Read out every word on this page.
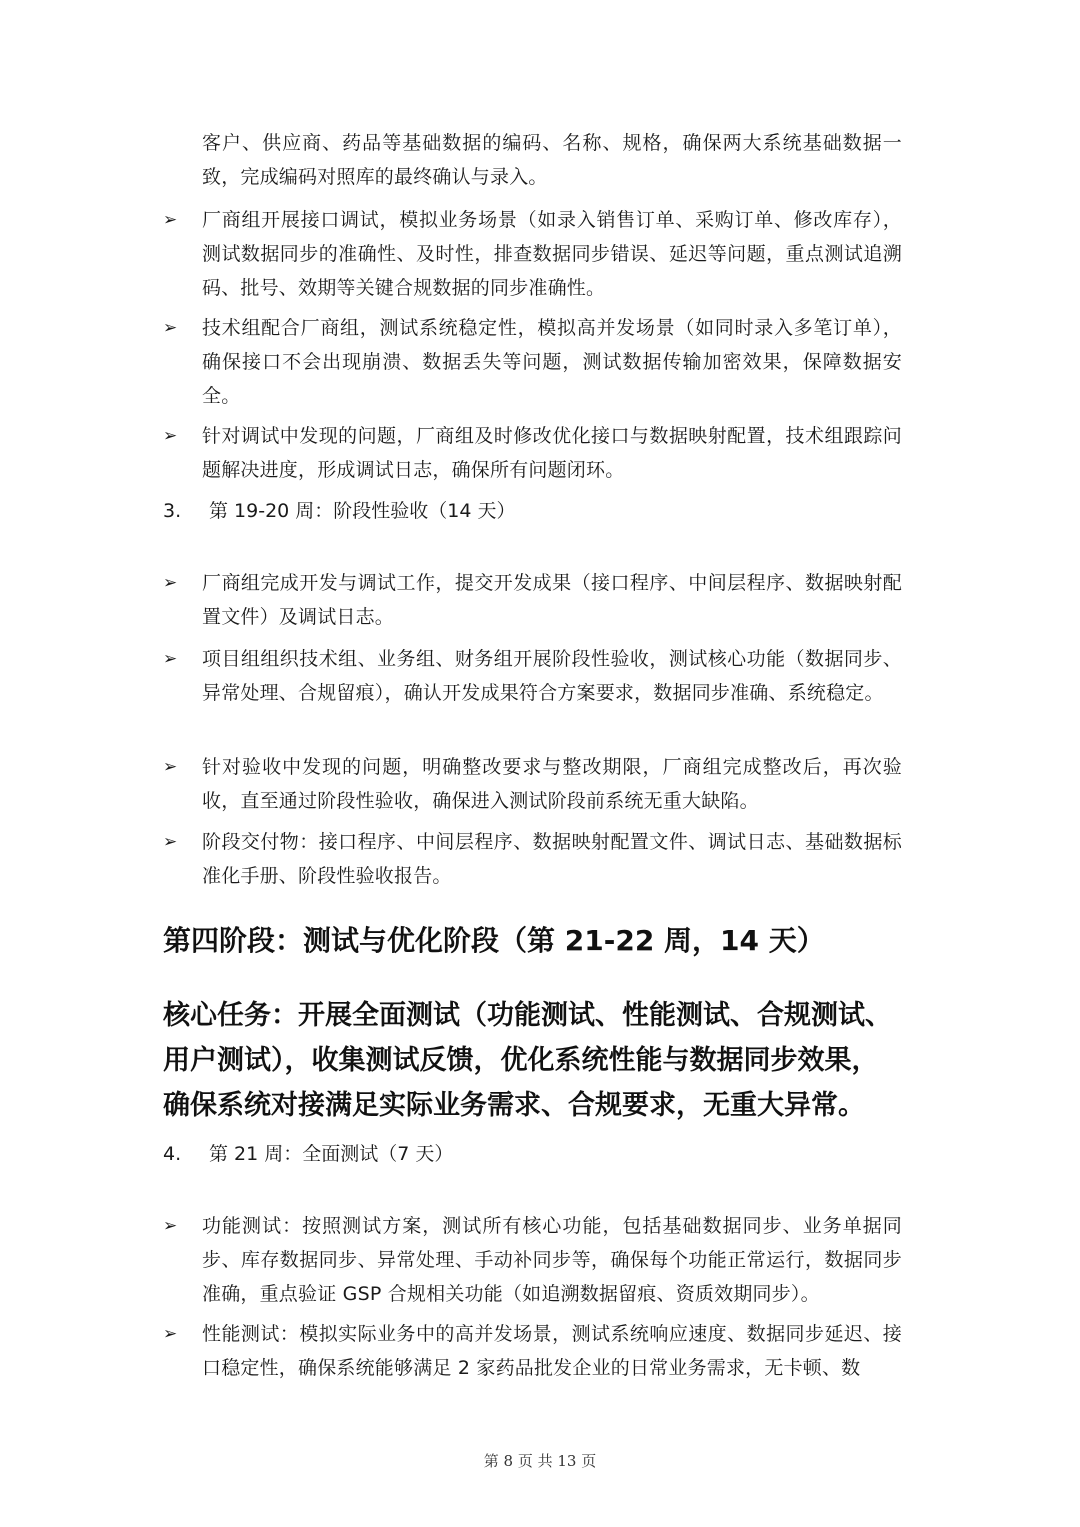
客户、供应商、药品等基础数据的编码、名称、规格，确保两大系统基础数据一致，完成编码对照库的最终确认与录入。
➢ 厂商组开展接口调试，模拟业务场景（如录入销售订单、采购订单、修改库存），测试数据同步的准确性、及时性，排查数据同步错误、延迟等问题，重点测试追溯码、批号、效期等关键合规数据的同步准确性。
➢ 技术组配合厂商组，测试系统稳定性，模拟高并发场景（如同时录入多笔订单），确保接口不会出现崩溃、数据丢失等问题，测试数据传输加密效果，保障数据安全。
➢ 针对调试中发现的问题，厂商组及时修改优化接口与数据映射配置，技术组跟踪问题解决进度，形成调试日志，确保所有问题闭环。
3. 第 19-20 周：阶段性验收（14 天）
➢ 厂商组完成开发与调试工作，提交开发成果（接口程序、中间层程序、数据映射配置文件）及调试日志。
➢ 项目组组织技术组、业务组、财务组开展阶段性验收，测试核心功能（数据同步、异常处理、合规留痕），确认开发成果符合方案要求，数据同步准确、系统稳定。
➢ 针对验收中发现的问题，明确整改要求与整改期限，厂商组完成整改后，再次验收，直至通过阶段性验收，确保进入测试阶段前系统无重大缺陷。
➢ 阶段交付物：接口程序、中间层程序、数据映射配置文件、调试日志、基础数据标准化手册、阶段性验收报告。
第四阶段：测试与优化阶段（第 21-22 周，14 天）
核心任务：开展全面测试（功能测试、性能测试、合规测试、用户测试），收集测试反馈，优化系统性能与数据同步效果，确保系统对接满足实际业务需求、合规要求，无重大异常。
4. 第 21 周：全面测试（7 天）
➢ 功能测试：按照测试方案，测试所有核心功能，包括基础数据同步、业务单据同步、库存数据同步、异常处理、手动补同步等，确保每个功能正常运行，数据同步准确，重点验证 GSP 合规相关功能（如追溯数据留痕、资质效期同步）。
➢ 性能测试：模拟实际业务中的高并发场景，测试系统响应速度、数据同步延迟、接口稳定性，确保系统能够满足 2 家药品批发企业的日常业务需求，无卡顿、数
第 8 页 共 13 页
